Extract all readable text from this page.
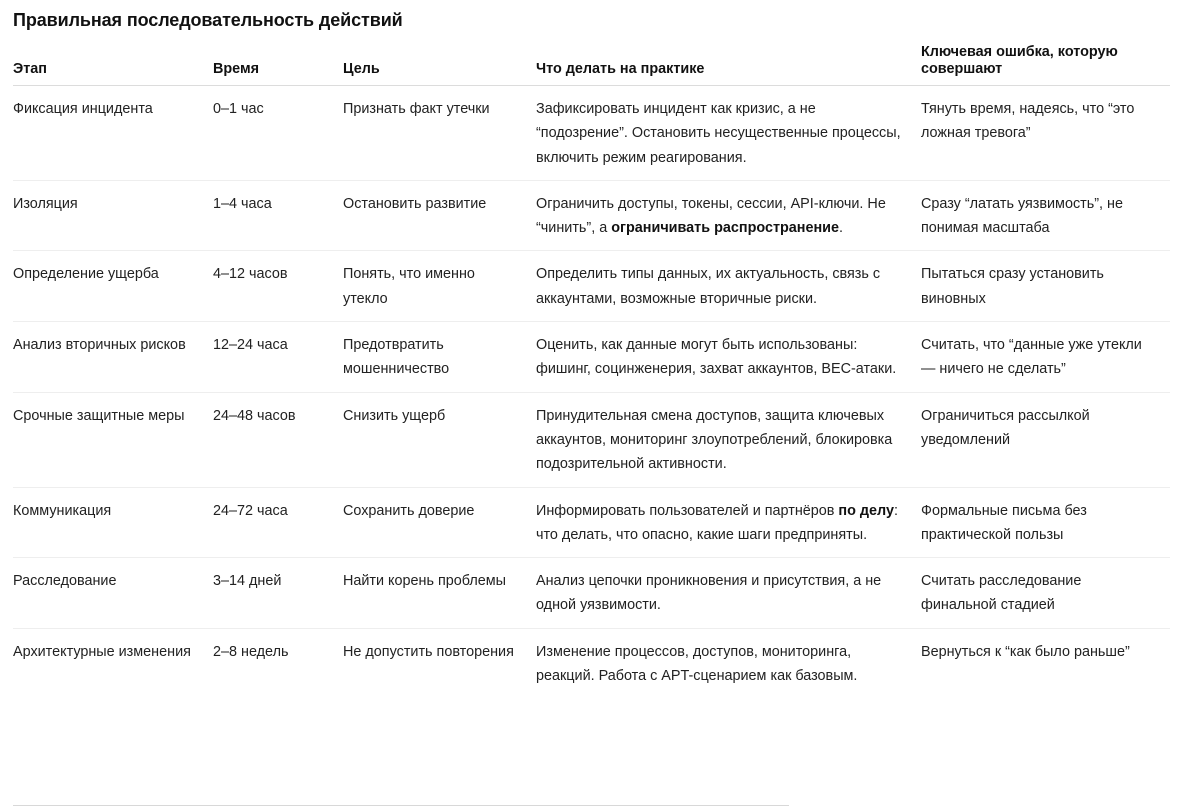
Правильная последовательность действий
Этап	Время	Цель	Что делать на практике	Ключевая ошибка, которую совершают
Фиксация инцидента	0–1 час	Признать факт утечки	Зафиксировать инцидент как кризис, а не “подозрение”. Остановить несущественные процессы, включить режим реагирования.	Тянуть время, надеясь, что “это ложная тревога”
Изоляция	1–4 часа	Остановить развитие	Ограничить доступы, токены, сессии, API-ключи. Не “чинить”, а ограничивать распространение.	Сразу “латать уязвимость”, не понимая масштаба
Определение ущерба	4–12 часов	Понять, что именно утекло	Определить типы данных, их актуальность, связь с аккаунтами, возможные вторичные риски.	Пытаться сразу установить виновных
Анализ вторичных рисков	12–24 часа	Предотвратить мошенничество	Оценить, как данные могут быть использованы: фишинг, социнженерия, захват аккаунтов, BEC-атаки.	Считать, что “данные уже утекли — ничего не сделать”
Срочные защитные меры	24–48 часов	Снизить ущерб	Принудительная смена доступов, защита ключевых аккаунтов, мониторинг злоупотреблений, блокировка подозрительной активности.	Ограничиться рассылкой уведомлений
Коммуникация	24–72 часа	Сохранить доверие	Информировать пользователей и партнёров по делу: что делать, что опасно, какие шаги предприняты.	Формальные письма без практической пользы
Расследование	3–14 дней	Найти корень проблемы	Анализ цепочки проникновения и присутствия, а не одной уязвимости.	Считать расследование финальной стадией
Архитектурные изменения	2–8 недель	Не допустить повторения	Изменение процессов, доступов, мониторинга, реакций. Работа с APT-сценарием как базовым.	Вернуться к “как было раньше”
